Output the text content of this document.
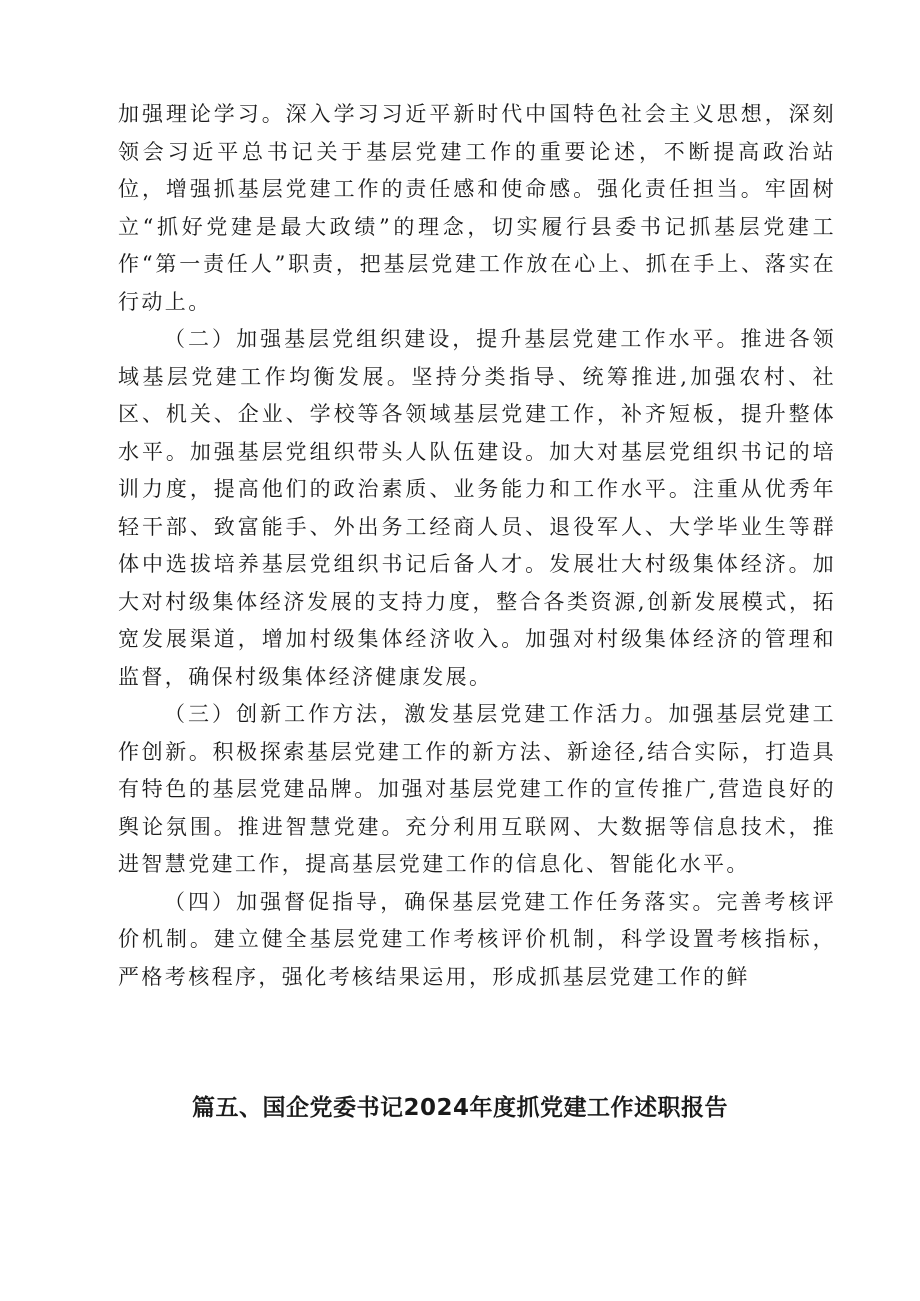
加强理论学习。深入学习习近平新时代中国特色社会主义思想，深刻领会习近平总书记关于基层党建工作的重要论述，不断提高政治站位，增强抓基层党建工作的责任感和使命感。强化责任担当。牢固树立“抓好党建是最大政绩”的理念，切实履行县委书记抓基层党建工作“第一责任人”职责，把基层党建工作放在心上、抓在手上、落实在行动上。

（二）加强基层党组织建设，提升基层党建工作水平。推进各领域基层党建工作均衡发展。坚持分类指导、统筹推进,加强农村、社区、机关、企业、学校等各领域基层党建工作，补齐短板，提升整体水平。加强基层党组织带头人队伍建设。加大对基层党组织书记的培训力度，提高他们的政治素质、业务能力和工作水平。注重从优秀年轻干部、致富能手、外出务工经商人员、退役军人、大学毕业生等群体中选拔培养基层党组织书记后备人才。发展壮大村级集体经济。加大对村级集体经济发展的支持力度，整合各类资源,创新发展模式，拓宽发展渠道，增加村级集体经济收入。加强对村级集体经济的管理和监督，确保村级集体经济健康发展。

（三）创新工作方法，激发基层党建工作活力。加强基层党建工作创新。积极探索基层党建工作的新方法、新途径,结合实际，打造具有特色的基层党建品牌。加强对基层党建工作的宣传推广,营造良好的舆论氛围。推进智慧党建。充分利用互联网、大数据等信息技术，推进智慧党建工作，提高基层党建工作的信息化、智能化水平。

（四）加强督促指导，确保基层党建工作任务落实。完善考核评价机制。建立健全基层党建工作考核评价机制，科学设置考核指标，严格考核程序，强化考核结果运用，形成抓基层党建工作的鲜

篇五、国企党委书记2024年度抓党建工作述职报告
